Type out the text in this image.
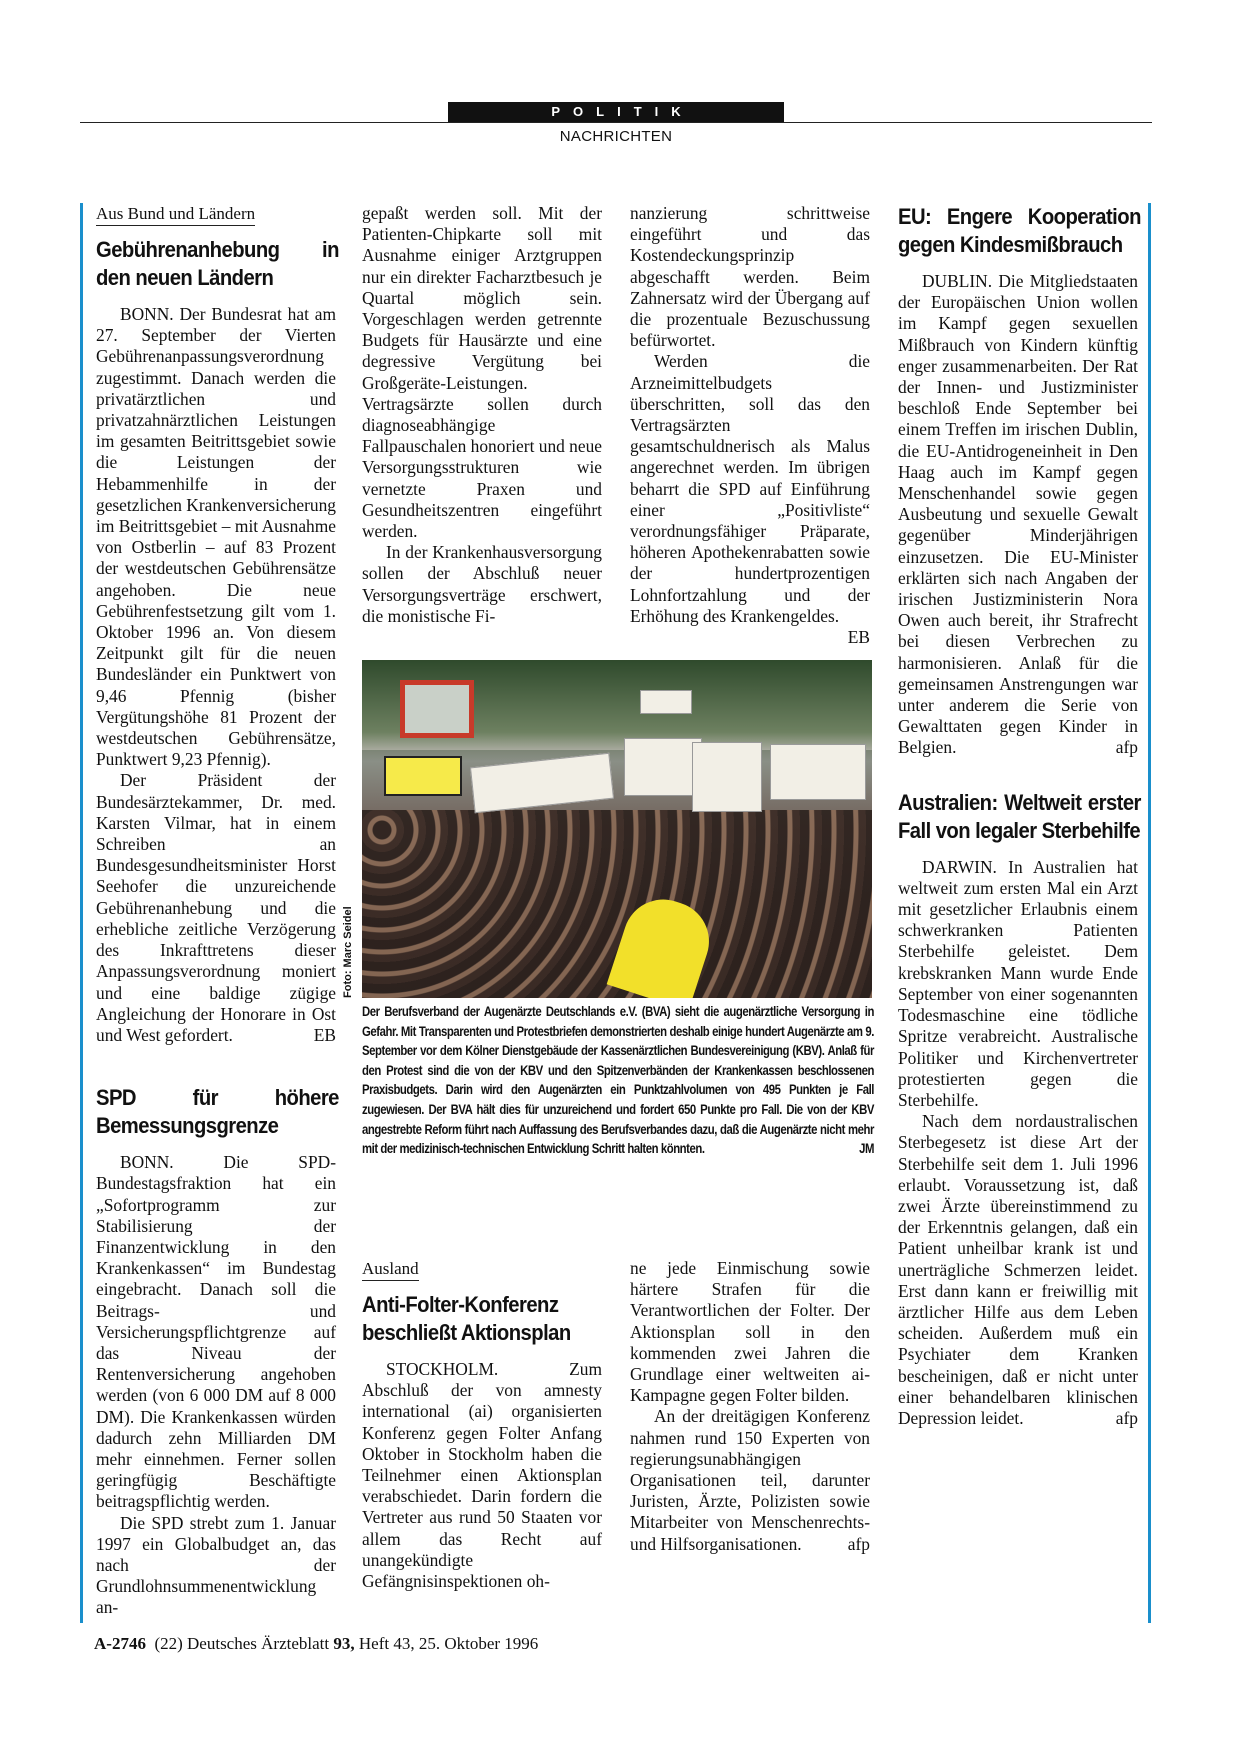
POLITIK
NACHRICHTEN
Aus Bund und Ländern
Gebührenanhebung in den neuen Ländern

BONN. Der Bundesrat hat am 27. September der Vierten Gebührenanpassungsverordnung zugestimmt. Danach werden die privatärztlichen und privatzahnärztlichen Leistungen im gesamten Beitrittsgebiet sowie die Leistungen der Hebammenhilfe in der gesetzlichen Krankenversicherung im Beitrittsgebiet – mit Ausnahme von Ostberlin – auf 83 Prozent der westdeutschen Gebührensätze angehoben. Die neue Gebührenfestsetzung gilt vom 1. Oktober 1996 an. Von diesem Zeitpunkt gilt für die neuen Bundesländer ein Punktwert von 9,46 Pfennig (bisher Vergütungshöhe 81 Prozent der westdeutschen Gebührensätze, Punktwert 9,23 Pfennig).

Der Präsident der Bundesärztekammer, Dr. med. Karsten Vilmar, hat in einem Schreiben an Bundesgesundheitsminister Horst Seehofer die unzureichende Gebührenanhebung und die erhebliche zeitliche Verzögerung des Inkrafttretens dieser Anpassungsverordnung moniert und eine baldige zügige Angleichung der Honorare in Ost und West gefordert.	EB

SPD für höhere Bemessungsgrenze

BONN. Die SPD-Bundestagsfraktion hat ein „Sofortprogramm zur Stabilisierung der Finanzentwicklung in den Krankenkassen“ im Bundestag eingebracht. Danach soll die Beitrags- und Versicherungspflichtgrenze auf das Niveau der Rentenversicherung angehoben werden (von 6 000 DM auf 8 000 DM). Die Krankenkassen würden dadurch zehn Milliarden DM mehr einnehmen. Ferner sollen geringfügig Beschäftigte beitragspflichtig werden.

Die SPD strebt zum 1. Januar 1997 ein Globalbudget an, das nach der Grundlohnsummenentwicklung an-

gepaßt werden soll. Mit der Patienten-Chipkarte soll mit Ausnahme einiger Arztgruppen nur ein direkter Facharztbesuch je Quartal möglich sein. Vorgeschlagen werden getrennte Budgets für Hausärzte und eine degressive Vergütung bei Großgeräte-Leistungen. Vertragsärzte sollen durch diagnoseabhängige Fallpauschalen honoriert und neue Versorgungsstrukturen wie vernetzte Praxen und Gesundheitszentren eingeführt werden.

In der Krankenhausversorgung sollen der Abschluß neuer Versorgungsverträge erschwert, die monistische Fi-

nanzierung schrittweise eingeführt und das Kostendeckungsprinzip abgeschafft werden. Beim Zahnersatz wird der Übergang auf die prozentuale Bezuschussung befürwortet.

Werden die Arzneimittelbudgets überschritten, soll das den Vertragsärzten gesamtschuldnerisch als Malus angerechnet werden. Im übrigen beharrt die SPD auf Einführung einer „Positivliste“ verordnungsfähiger Präparate, höheren Apothekenrabatten sowie der hundertprozentigen Lohnfortzahlung und der Erhöhung des Krankengeldes.
EB

Foto: Marc Seidel
Der Berufsverband der Augenärzte Deutschlands e.V. (BVA) sieht die augenärztliche Versorgung in Gefahr. Mit Transparenten und Protestbriefen demonstrierten deshalb einige hundert Augenärzte am 9. September vor dem Kölner Dienstgebäude der Kassenärztlichen Bundesvereinigung (KBV). Anlaß für den Protest sind die von der KBV und den Spitzenverbänden der Krankenkassen beschlossenen Praxisbudgets. Darin wird den Augenärzten ein Punktzahlvolumen von 495 Punkten je Fall zugewiesen. Der BVA hält dies für unzureichend und fordert 650 Punkte pro Fall. Die von der KBV angestrebte Reform führt nach Auffassung des Berufsverbandes dazu, daß die Augenärzte nicht mehr mit der medizinisch-technischen Entwicklung Schritt halten könnten.	JM
Ausland
Anti-Folter-Konferenz beschließt Aktionsplan

STOCKHOLM. Zum Abschluß der von amnesty international (ai) organisierten Konferenz gegen Folter Anfang Oktober in Stockholm haben die Teilnehmer einen Aktionsplan verabschiedet. Darin fordern die Vertreter aus rund 50 Staaten vor allem das Recht auf unangekündigte Gefängnisinspektionen oh-

ne jede Einmischung sowie härtere Strafen für die Verantwortlichen der Folter. Der Aktionsplan soll in den kommenden zwei Jahren die Grundlage einer weltweiten ai-Kampagne gegen Folter bilden.

An der dreitägigen Konferenz nahmen rund 150 Experten von regierungsunabhängigen Organisationen teil, darunter Juristen, Ärzte, Polizisten sowie Mitarbeiter von Menschenrechts- und Hilfsorganisationen.	afp

EU: Engere Kooperation gegen Kindesmißbrauch

DUBLIN. Die Mitgliedstaaten der Europäischen Union wollen im Kampf gegen sexuellen Mißbrauch von Kindern künftig enger zusammenarbeiten. Der Rat der Innen- und Justizminister beschloß Ende September bei einem Treffen im irischen Dublin, die EU-Antidrogeneinheit in Den Haag auch im Kampf gegen Menschenhandel sowie gegen Ausbeutung und sexuelle Gewalt gegenüber Minderjährigen einzusetzen. Die EU-Minister erklärten sich nach Angaben der irischen Justizministerin Nora Owen auch bereit, ihr Strafrecht bei diesen Verbrechen zu harmonisieren. Anlaß für die gemeinsamen Anstrengungen war unter anderem die Serie von Gewalttaten gegen Kinder in Belgien.	afp

Australien: Weltweit erster Fall von legaler Sterbehilfe

DARWIN. In Australien hat weltweit zum ersten Mal ein Arzt mit gesetzlicher Erlaubnis einem schwerkranken Patienten Sterbehilfe geleistet. Dem krebskranken Mann wurde Ende September von einer sogenannten Todesmaschine eine tödliche Spritze verabreicht. Australische Politiker und Kirchenvertreter protestierten gegen die Sterbehilfe.

Nach dem nordaustralischen Sterbegesetz ist diese Art der Sterbehilfe seit dem 1. Juli 1996 erlaubt. Voraussetzung ist, daß zwei Ärzte übereinstimmend zu der Erkenntnis gelangen, daß ein Patient unheilbar krank ist und unerträgliche Schmerzen leidet. Erst dann kann er freiwillig mit ärztlicher Hilfe aus dem Leben scheiden. Außerdem muß ein Psychiater dem Kranken bescheinigen, daß er nicht unter einer behandelbaren klinischen Depression leidet.	afp

A-2746 (22) Deutsches Ärzteblatt 93, Heft 43, 25. Oktober 1996
